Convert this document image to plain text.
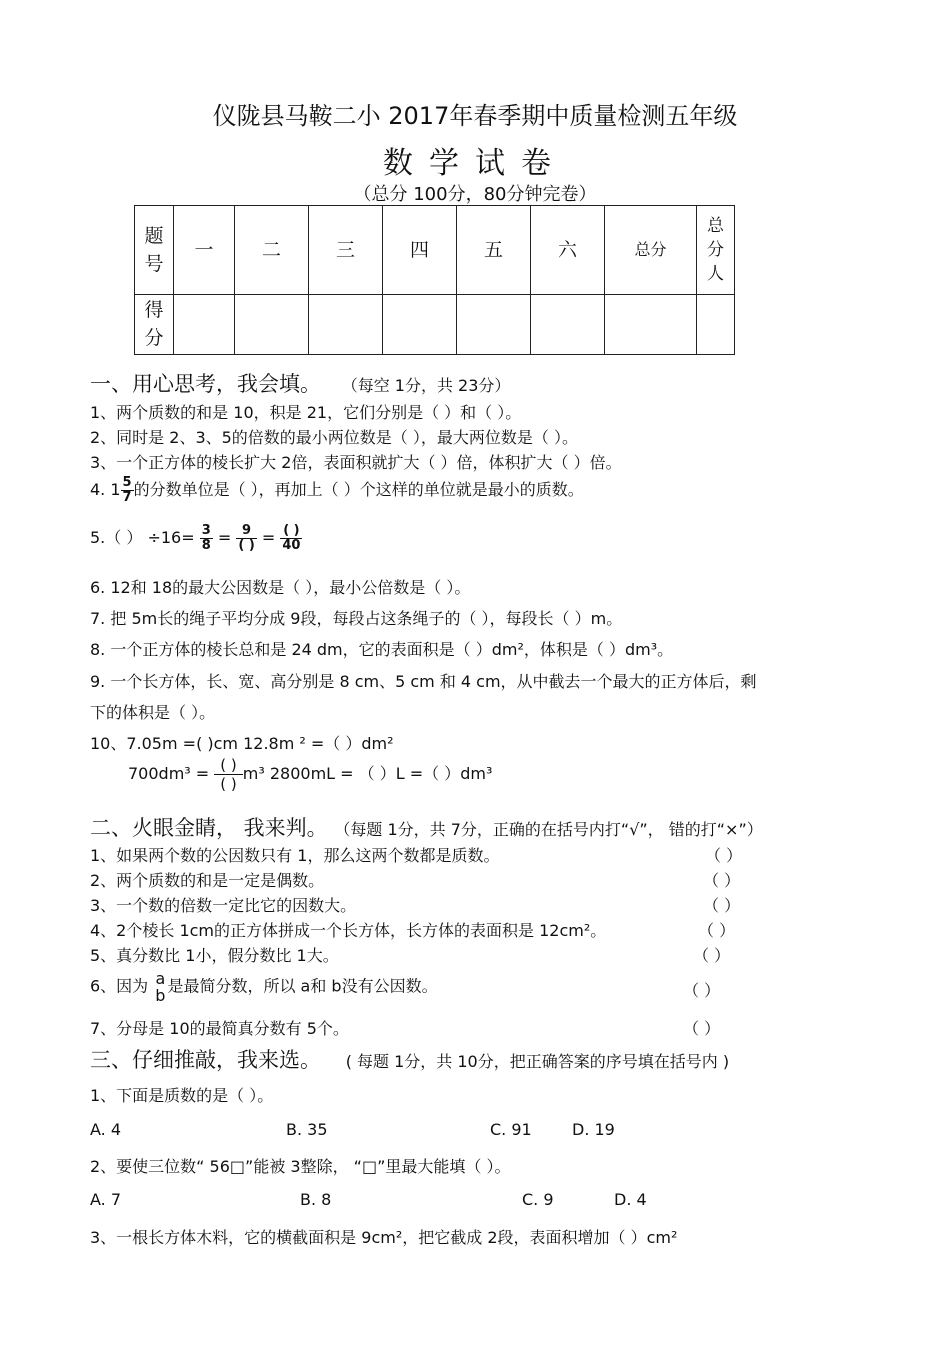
仪陇县马鞍二小 2017年春季期中质量检测五年级
数学试卷
（总分 100分，80分钟完卷）
题号	一	二	三	四	五	六	总分	总分人
得分								
一、用心思考，我会填。 （每空 1分，共 23分）
1、两个质数的和是 10，积是 21，它们分别是（ ）和（ ）。
2、同时是 2、3、5的倍数的最小两位数是（ ），最大两位数是（ ）。
3、一个正方体的棱长扩大 2倍，表面积就扩大（ ）倍，体积扩大（ ）倍。
4. $1 \frac{5}{7}$ 的分数单位是（ ），再加上（ ）个这样的单位就是最小的质数。
5.（ ） $\div 16= \frac{3}{8} = \frac{9}{( )} = \frac{( )}{40}$
6. 12和 18的最大公因数是（ ），最小公倍数是（ ）。
7. 把 5m长的绳子平均分成 9段，每段占这条绳子的（ ），每段长（ ）m。
8. 一个正方体的棱长总和是 24 dm，它的表面积是（ ）dm²，体积是（ ）dm³。
9. 一个长方体，长、宽、高分别是 8 cm、5 cm 和 4 cm，从中截去一个最大的正方体后，剩
下的体积是（ ）。
10、7.05m =( )cm 12.8m ² =（ ）dm²
700dm³ = ( )
( )
m³ 2800mL = （ ）L =（ ）dm³
二、火眼金睛， 我来判。 （每题 1分，共 7分，正确的在括号内打“√”， 错的打“×”）
1、如果两个数的公因数只有 1，那么这两个数都是质数。	（ ）
2、两个质数的和是一定是偶数。	（ ）
3、一个数的倍数一定比它的因数大。	（ ）
4、2个棱长 1cm的正方体拼成一个长方体，长方体的表面积是 12cm²。	（ ）
5、真分数比 1小，假分数比 1大。	（ ）
6、因为 a
b 是最简分数，所以 a和 b没有公因数。	（ ）
7、分母是 10的最简真分数有 5个。	（ ）
三、仔细推敲，我来选。 ( 每题 1分，共 10分，把正确答案的序号填在括号内 )
1、下面是质数的是（ ）。
A. 4	B. 35	C. 91	D. 19
2、要使三位数“ 56□”能被 3整除， “□”里最大能填（ ）。
A. 7	B. 8	C. 9	D. 4
3、一根长方体木料，它的横截面积是 9cm²，把它截成 2段，表面积增加（ ）cm²
